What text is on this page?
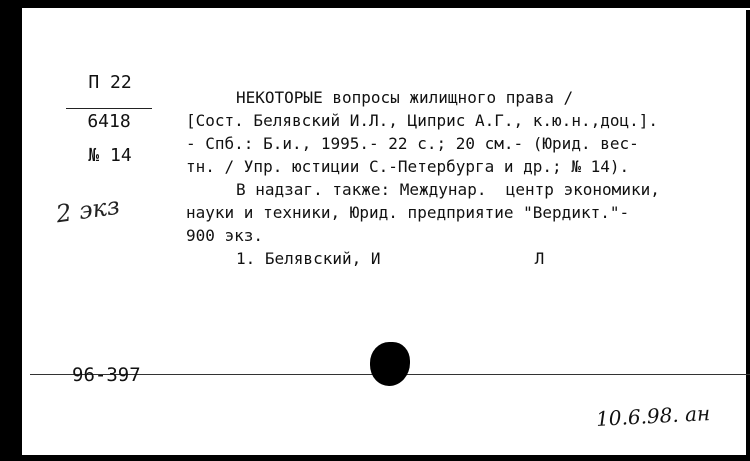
П 22
6418
№ 14
2 экз
НЕКОТОРЫЕ вопросы жилищного права /
[Сост. Белявский И.Л., Циприс А.Г., к.ю.н.,доц.].
- Спб.: Б.и., 1995.- 22 с.; 20 см.- (Юрид. вес-
тн. / Упр. юстиции С.-Петербурга и др.; № 14).
В надзаг. также: Междунар.  центр экономики,
науки и техники, Юрид. предприятие "Вердикт."-
900 экз.
1. Белявский, И                Л
96-397
10.6.98. ан
